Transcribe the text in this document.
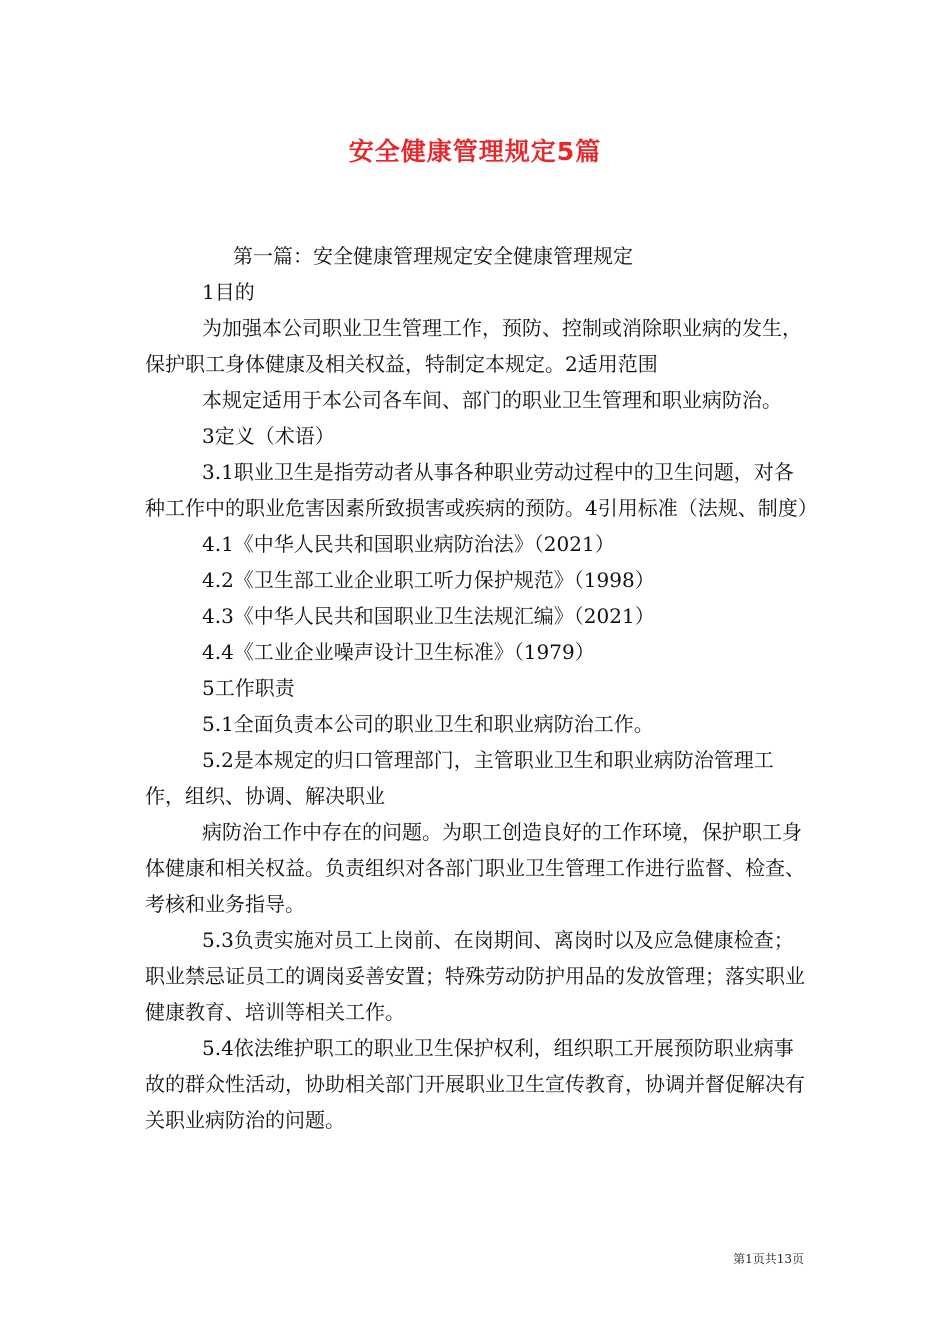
安全健康管理规定5篇

第一篇：安全健康管理规定安全健康管理规定

1目的

为加强本公司职业卫生管理工作，预防、控制或消除职业病的发生，保护职工身体健康及相关权益，特制定本规定。2适用范围

本规定适用于本公司各车间、部门的职业卫生管理和职业病防治。

3定义（术语）

3.1职业卫生是指劳动者从事各种职业劳动过程中的卫生问题，对各种工作中的职业危害因素所致损害或疾病的预防。4引用标准（法规、制度）

4.1《中华人民共和国职业病防治法》（2021）

4.2《卫生部工业企业职工听力保护规范》（1998）

4.3《中华人民共和国职业卫生法规汇编》（2021）

4.4《工业企业噪声设计卫生标准》（1979）

5工作职责

5.1全面负责本公司的职业卫生和职业病防治工作。

5.2是本规定的归口管理部门，主管职业卫生和职业病防治管理工作，组织、协调、解决职业

病防治工作中存在的问题。为职工创造良好的工作环境，保护职工身体健康和相关权益。负责组织对各部门职业卫生管理工作进行监督、检查、考核和业务指导。

5.3负责实施对员工上岗前、在岗期间、离岗时以及应急健康检查；职业禁忌证员工的调岗妥善安置；特殊劳动防护用品的发放管理；落实职业健康教育、培训等相关工作。

5.4依法维护职工的职业卫生保护权利，组织职工开展预防职业病事故的群众性活动，协助相关部门开展职业卫生宣传教育，协调并督促解决有关职业病防治的问题。

第1页共13页
